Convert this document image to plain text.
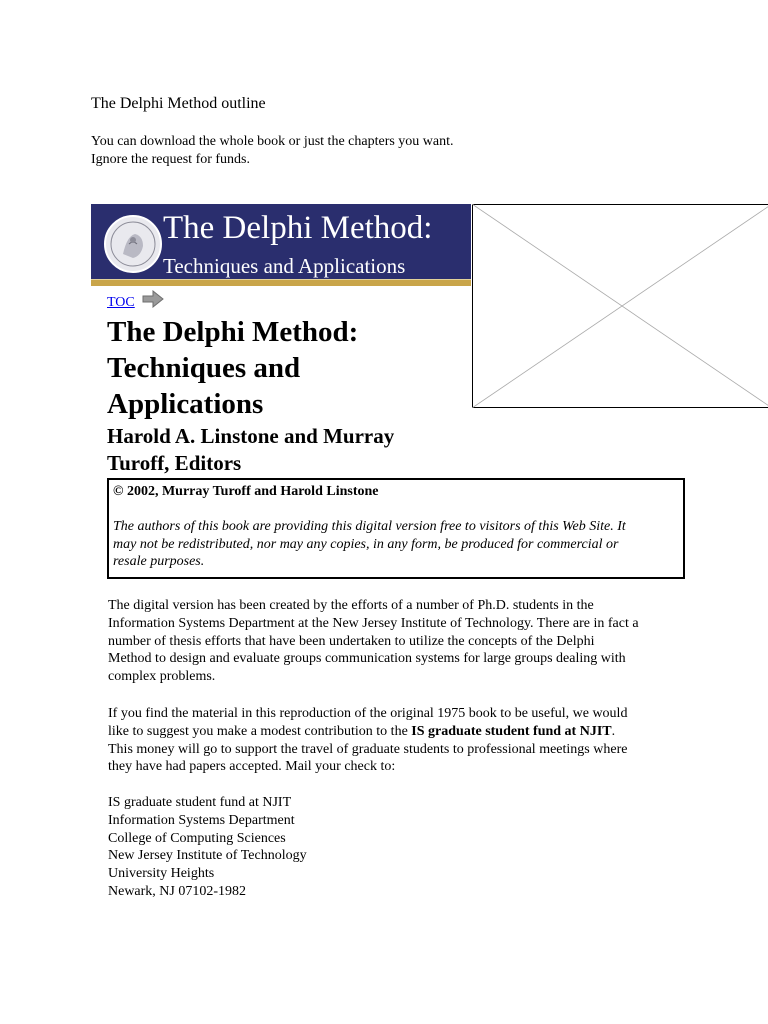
The Delphi Method outline
You can download the whole book or just the chapters you want.
Ignore the request for funds.
The Delphi Method:
Techniques and Applications
TOC
The Delphi Method:
Techniques and
Applications
Harold A. Linstone and Murray
Turoff, Editors
© 2002, Murray Turoff and Harold Linstone
The authors of this book are providing this digital version free to visitors of this Web Site. It
may not be redistributed, nor may any copies, in any form, be produced for commercial or
resale purposes.
The digital version has been created by the efforts of a number of Ph.D. students in the
Information Systems Department at the New Jersey Institute of Technology. There are in fact a
number of thesis efforts that have been undertaken to utilize the concepts of the Delphi
Method to design and evaluate groups communication systems for large groups dealing with
complex problems.
If you find the material in this reproduction of the original 1975 book to be useful, we would
like to suggest you make a modest contribution to the IS graduate student fund at NJIT.
This money will go to support the travel of graduate students to professional meetings where
they have had papers accepted. Mail your check to:
IS graduate student fund at NJIT
Information Systems Department
College of Computing Sciences
New Jersey Institute of Technology
University Heights
Newark, NJ 07102-1982
